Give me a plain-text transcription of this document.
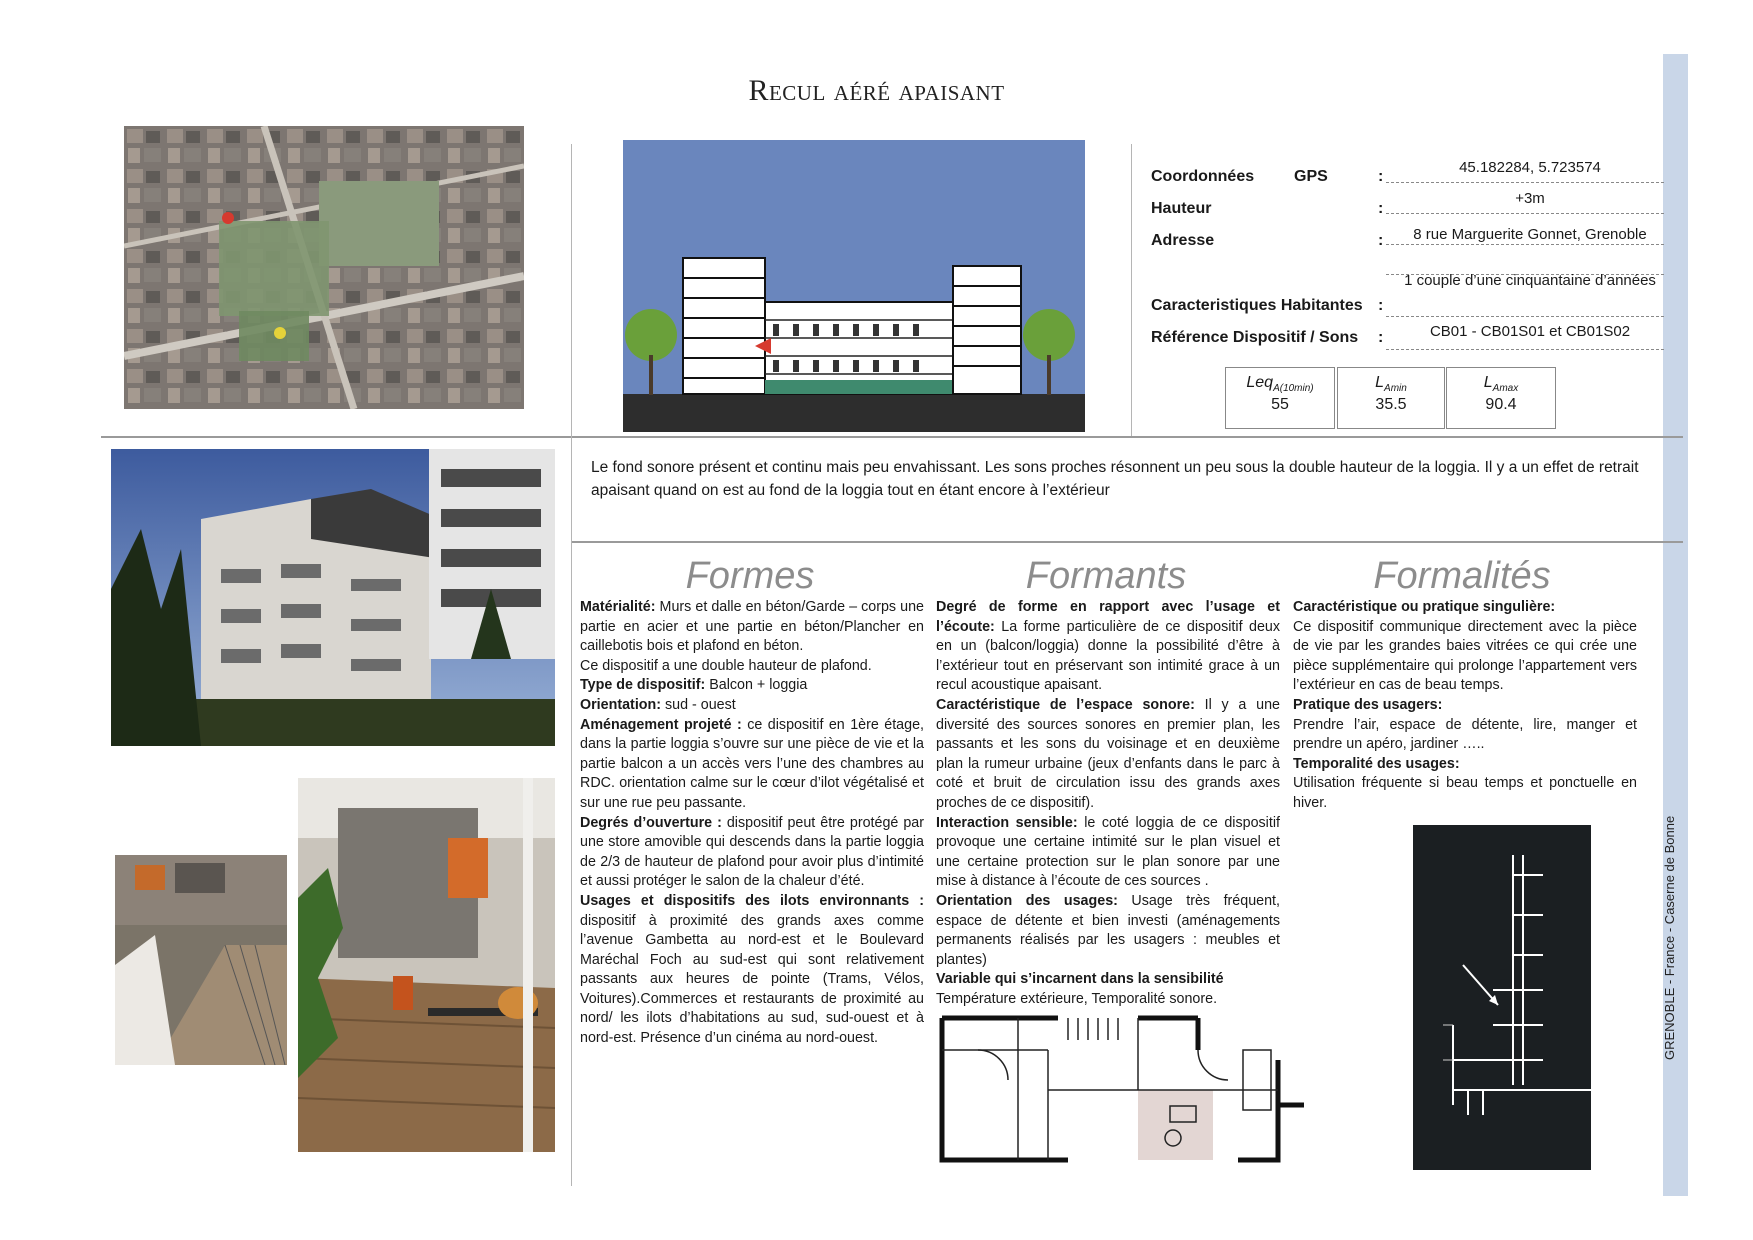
Recul aéré apaisant
GRENOBLE - France - Caserne de Bonne
Coordonnées GPS	:
45.182284, 5.723574
Hauteur	:
+3m
Adresse	:	8 rue Marguerite Gonnet, Grenoble
Caracteristiques Habitantes :
1 couple d’une cinquantaine d’années
Référence Dispositif / Sons :	CB01 - CB01S01 et CB01S02
Leq$_{A(10min)}$
55
$L_{Amin}$
35.5
$L_{Amax}$
90.4
Le fond sonore présent et continu mais peu envahissant. Les sons proches résonnent un peu sous la double hauteur de la loggia. Il y a un effet de retrait apaisant quand on est au fond de la loggia tout en étant encore à l’extérieur
Formes	Formants	Formalités

Matérialité: Murs et dalle en béton/Garde – corps une partie en acier et une partie en béton/Plancher en caillebotis bois et plafond en béton.

Ce dispositif a une double hauteur de plafond.

Type de dispositif: Balcon + loggia

Orientation: sud - ouest

Aménagement projeté : ce dispositif en 1ère étage, dans la partie loggia s’ouvre sur une pièce de vie et la partie balcon a un accès vers l’une des chambres au RDC. orientation calme sur le cœur d’ilot végétalisé et sur une rue peu passante.

Degrés d’ouverture : dispositif peut être protégé par une store amovible qui descends dans la partie loggia de 2/3 de hauteur de plafond pour avoir plus d’intimité et aussi protéger le salon de la chaleur d’été.

Usages et dispositifs des ilots environnants : dispositif à proximité des grands axes comme l’avenue Gambetta au nord-est et le Boulevard Maréchal Foch au sud-est qui sont relativement passants aux heures de pointe (Trams, Vélos, Voitures).Commerces et restaurants de proximité au nord/ les ilots d’habitations au sud, sud-ouest et à nord-est. Présence d’un cinéma au nord-ouest.

Degré de forme en rapport avec l’usage et l’écoute: La forme particulière de ce dispositif deux en un (balcon/loggia) donne la possibilité d’être à l’extérieur tout en préservant son intimité grace à un recul acoustique apaisant.

Caractéristique de l’espace sonore: Il y a une diversité des sources sonores en premier plan, les passants et les sons du voisinage et en deuxième plan la rumeur urbaine (jeux d’enfants dans le parc à coté et bruit de circulation issu des grands axes proches de ce dispositif).

Interaction sensible: le coté loggia de ce dispositif provoque une certaine intimité sur le plan visuel et une certaine protection sur le plan sonore par une mise à distance à l’écoute de ces sources .

Orientation des usages: Usage très fréquent, espace de détente et bien investi (aménagements permanents réalisés par les usagers : meubles et plantes)

Variable qui s’incarnent dans la sensibilité

Température extérieure, Temporalité sonore.

Caractéristique ou pratique singulière:

Ce dispositif communique directement avec la pièce de vie par les grandes baies vitrées ce qui crée une pièce supplémentaire qui prolonge l’appartement vers l’extérieur en cas de beau temps.

Pratique des usagers:

Prendre l’air, espace de détente, lire, manger et prendre un apéro, jardiner …..

Temporalité des usages:

Utilisation fréquente si beau temps et ponctuelle en hiver.
